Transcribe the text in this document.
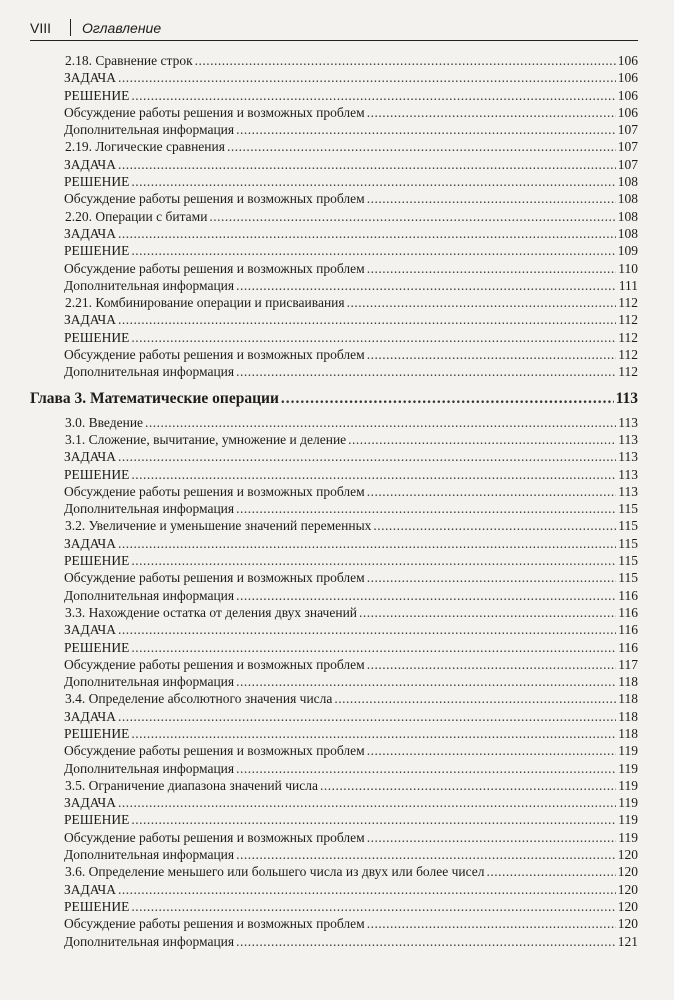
VIII Оглавление
2.18. Сравнение строк .....	106
ЗАДАЧА .....	106
РЕШЕНИЕ .....	106
Обсуждение работы решения и возможных проблем .....	106
Дополнительная информация .....	107
2.19. Логические сравнения .....	107
ЗАДАЧА .....	107
РЕШЕНИЕ .....	108
Обсуждение работы решения и возможных проблем .....	108
2.20. Операции с битами .....	108
ЗАДАЧА .....	108
РЕШЕНИЕ .....	109
Обсуждение работы решения и возможных проблем .....	110
Дополнительная информация .....	111
2.21. Комбинирование операции и присваивания .....	112
ЗАДАЧА .....	112
РЕШЕНИЕ .....	112
Обсуждение работы решения и возможных проблем .....	112
Дополнительная информация .....	112
Глава 3. Математические операции .....	113
3.0. Введение .....	113
3.1. Сложение, вычитание, умножение и деление .....	113
ЗАДАЧА .....	113
РЕШЕНИЕ .....	113
Обсуждение работы решения и возможных проблем .....	113
Дополнительная информация .....	115
3.2. Увеличение и уменьшение значений переменных .....	115
ЗАДАЧА .....	115
РЕШЕНИЕ .....	115
Обсуждение работы решения и возможных проблем .....	115
Дополнительная информация .....	116
3.3. Нахождение остатка от деления двух значений .....	116
ЗАДАЧА .....	116
РЕШЕНИЕ .....	116
Обсуждение работы решения и возможных проблем .....	117
Дополнительная информация .....	118
3.4. Определение абсолютного значения числа .....	118
ЗАДАЧА .....	118
РЕШЕНИЕ .....	118
Обсуждение работы решения и возможных проблем .....	119
Дополнительная информация .....	119
3.5. Ограничение диапазона значений числа .....	119
ЗАДАЧА .....	119
РЕШЕНИЕ .....	119
Обсуждение работы решения и возможных проблем .....	119
Дополнительная информация .....	120
3.6. Определение меньшего или большего числа из двух или более чисел .....	120
ЗАДАЧА .....	120
РЕШЕНИЕ .....	120
Обсуждение работы решения и возможных проблем .....	120
Дополнительная информация .....	121
